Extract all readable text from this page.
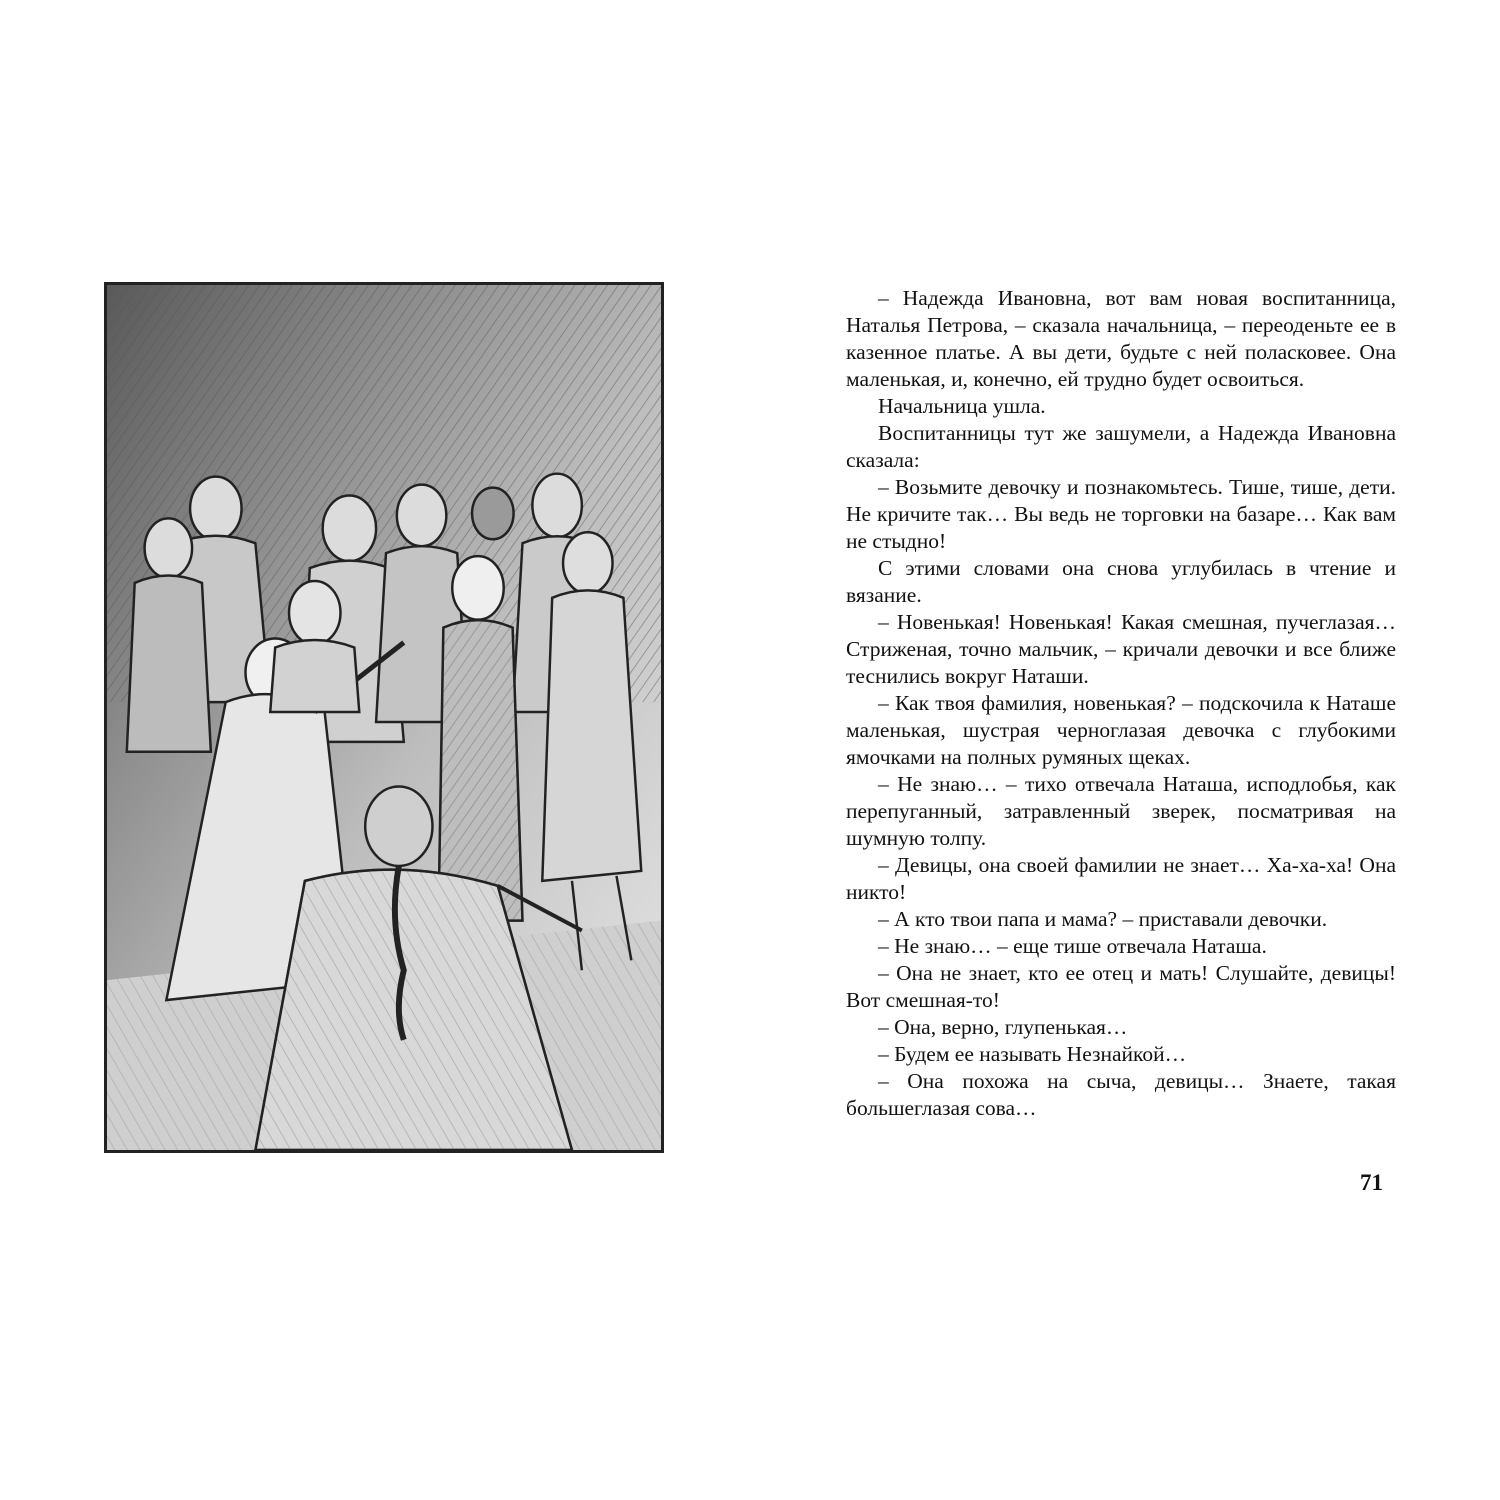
– Надежда Ивановна, вот вам новая воспитанница, Наталья Петрова, – сказала начальница, – переоденьте ее в казенное платье. А вы дети, будьте с ней поласковее. Она маленькая, и, конечно, ей трудно будет освоиться.

Начальница ушла.

Воспитанницы тут же зашумели, а Надежда Ивановна сказала:

– Возьмите девочку и познакомьтесь. Тише, тише, дети. Не кричите так… Вы ведь не торговки на базаре… Как вам не стыдно!

С этими словами она снова углубилась в чтение и вязание.

– Новенькая! Новенькая! Какая смешная, пучеглазая… Стриженая, точно мальчик, – кричали девочки и все ближе теснились вокруг Наташи.

– Как твоя фамилия, новенькая? – подскочила к Наташе маленькая, шустрая черноглазая девочка с глубокими ямочками на полных румяных щеках.

– Не знаю… – тихо отвечала Наташа, исподлобья, как перепуганный, затравленный зверек, посматривая на шумную толпу.

– Девицы, она своей фамилии не знает… Ха-ха-ха! Она никто!

– А кто твои папа и мама? – приставали девочки.

– Не знаю… – еще тише отвечала Наташа.

– Она не знает, кто ее отец и мать! Слушайте, девицы! Вот смешная-то!

– Она, верно, глупенькая…

– Будем ее называть Незнайкой…

– Она похожа на сыча, девицы… Знаете, такая большеглазая сова…

71
